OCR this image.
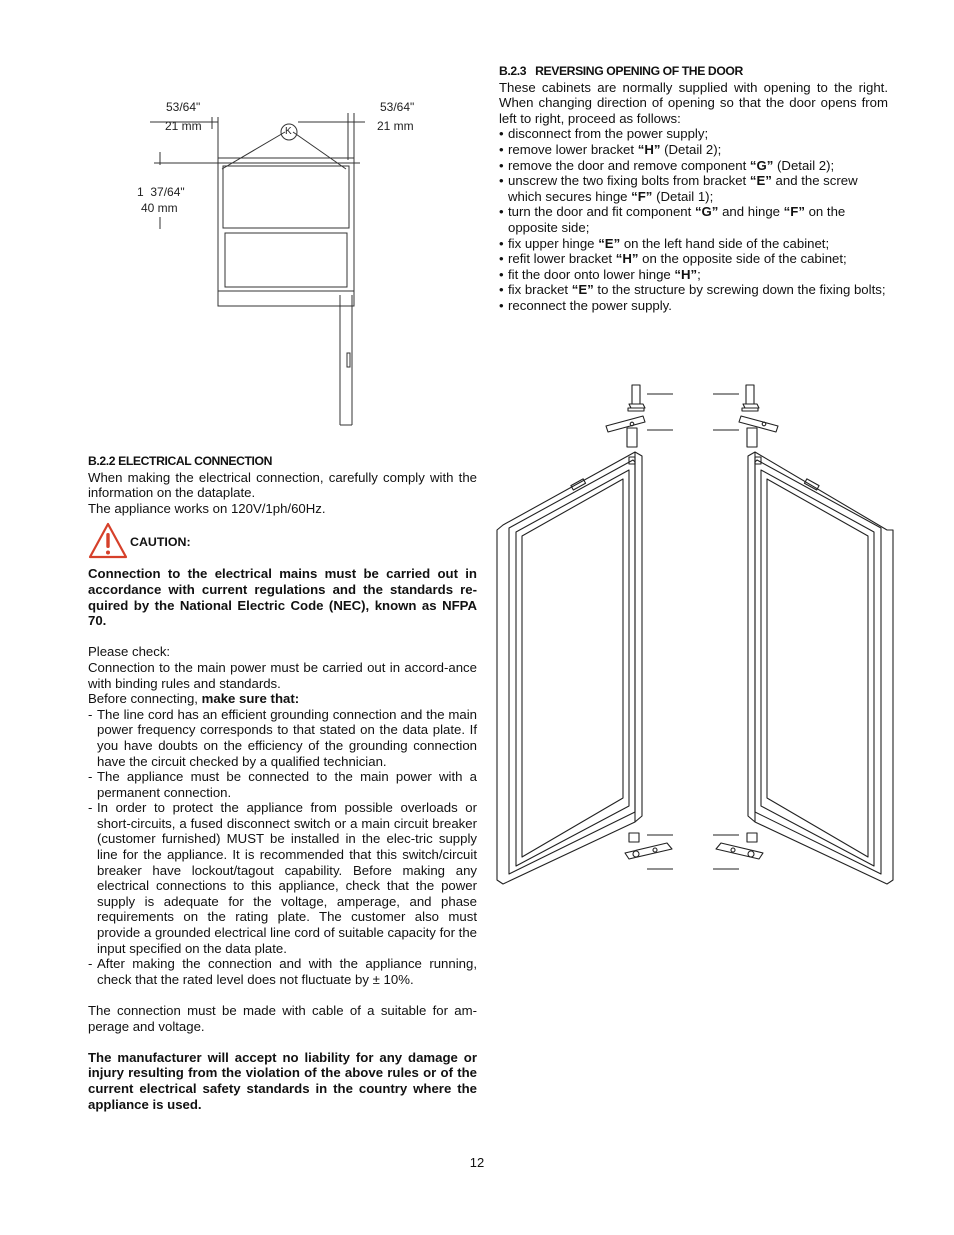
53/64"
21 mm
53/64"
21 mm
1  37/64"
40 mm
K
B.2.3   REVERSING OPENING OF THE DOOR

These cabinets are normally supplied with opening to the right. When changing direction of opening so that the door opens from left to right, proceed as follows:

• disconnect from the power supply;
• remove lower bracket “H” (Detail 2);
• remove the door and remove component “G” (Detail 2);
• unscrew the two fixing bolts from bracket “E” and the screw which secures hinge “F” (Detail 1);
• turn the door and fit component “G” and hinge “F” on the opposite side;
• fix upper hinge “E” on the left hand side of the cabinet;
• refit lower bracket “H” on the opposite side of the cabinet;
• fit the door onto lower hinge “H”;
• fix bracket “E” to the structure by screwing down the fixing bolts;
• reconnect the power supply.
B.2.2 ELECTRICAL CONNECTION

When making the electrical connection, carefully comply with the information on the dataplate.

The appliance works on 120V/1ph/60Hz.

CAUTION:

Connection to the electrical mains must be carried out in accordance with current regulations and the standards re-quired by the National Electric Code (NEC), known as NFPA 70.

Please check:

Connection to the main power must be carried out in accord-ance with binding rules and standards.

Before connecting, make sure that:

- The line cord has an efficient grounding connection and the main power frequency corresponds to that stated on the data plate. If you have doubts on the efficiency of the grounding connection have the circuit checked by a qualified technician.
- The appliance must be connected to the main power with a permanent connection.
- In order to protect the appliance from possible overloads or short-circuits, a fused disconnect switch or a main circuit breaker (customer furnished) MUST be installed in the elec-tric supply line for the appliance. It is recommended that this switch/circuit breaker have lockout/tagout capability. Before making any electrical connections to this appliance, check that the power supply is adequate for the voltage, amperage, and phase requirements on the rating plate. The customer also must provide a grounded electrical line cord of suitable capacity for the input specified on the data plate.
- After making the connection and with the appliance running, check that the rated level does not fluctuate by ± 10%.

The connection must be made with cable of a suitable for am-perage and voltage.

The manufacturer will accept no liability for any damage or injury resulting from the violation of the above rules or of the current electrical safety standards in the country where the appliance is used.

12
